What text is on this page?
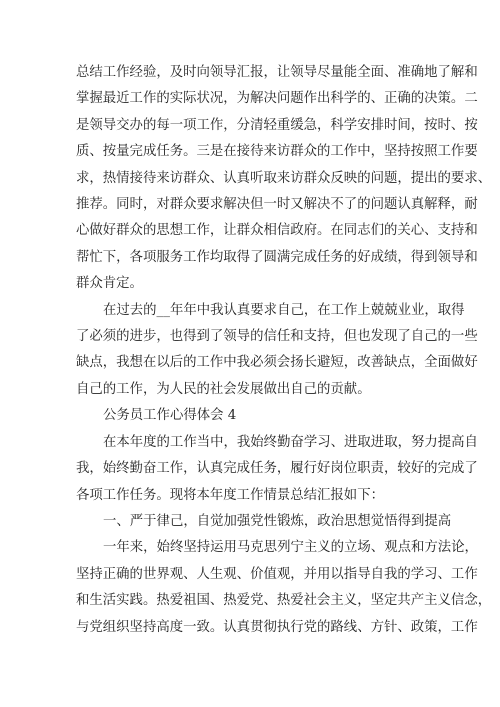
总结工作经验，及时向领导汇报，让领导尽量能全面、准确地了解和

掌握最近工作的实际状况，为解决问题作出科学的、正确的决策。二

是领导交办的每一项工作，分清轻重缓急，科学安排时间，按时、按

质、按量完成任务。三是在接待来访群众的工作中，坚持按照工作要

求，热情接待来访群众、认真听取来访群众反映的问题，提出的要求、

推荐。同时，对群众要求解决但一时又解决不了的问题认真解释，耐

心做好群众的思想工作，让群众相信政府。在同志们的关心、支持和

帮忙下，各项服务工作均取得了圆满完成任务的好成绩，得到领导和

群众肯定。

在过去的__年年中我认真要求自己，在工作上兢兢业业，取得

了必须的进步，也得到了领导的信任和支持，但也发现了自己的一些

缺点，我想在以后的工作中我必须会扬长避短，改善缺点，全面做好

自己的工作，为人民的社会发展做出自己的贡献。

公务员工作心得体会 4

在本年度的工作当中，我始终勤奋学习、进取进取，努力提高自

我，始终勤奋工作，认真完成任务，履行好岗位职责，较好的完成了

各项工作任务。现将本年度工作情景总结汇报如下：

一、严于律己，自觉加强党性锻炼，政治思想觉悟得到提高

一年来，始终坚持运用马克思列宁主义的立场、观点和方法论，

坚持正确的世界观、人生观、价值观，并用以指导自我的学习、工作

和生活实践。热爱祖国、热爱党、热爱社会主义，坚定共产主义信念，

与党组织坚持高度一致。认真贯彻执行党的路线、方针、政策，工作
